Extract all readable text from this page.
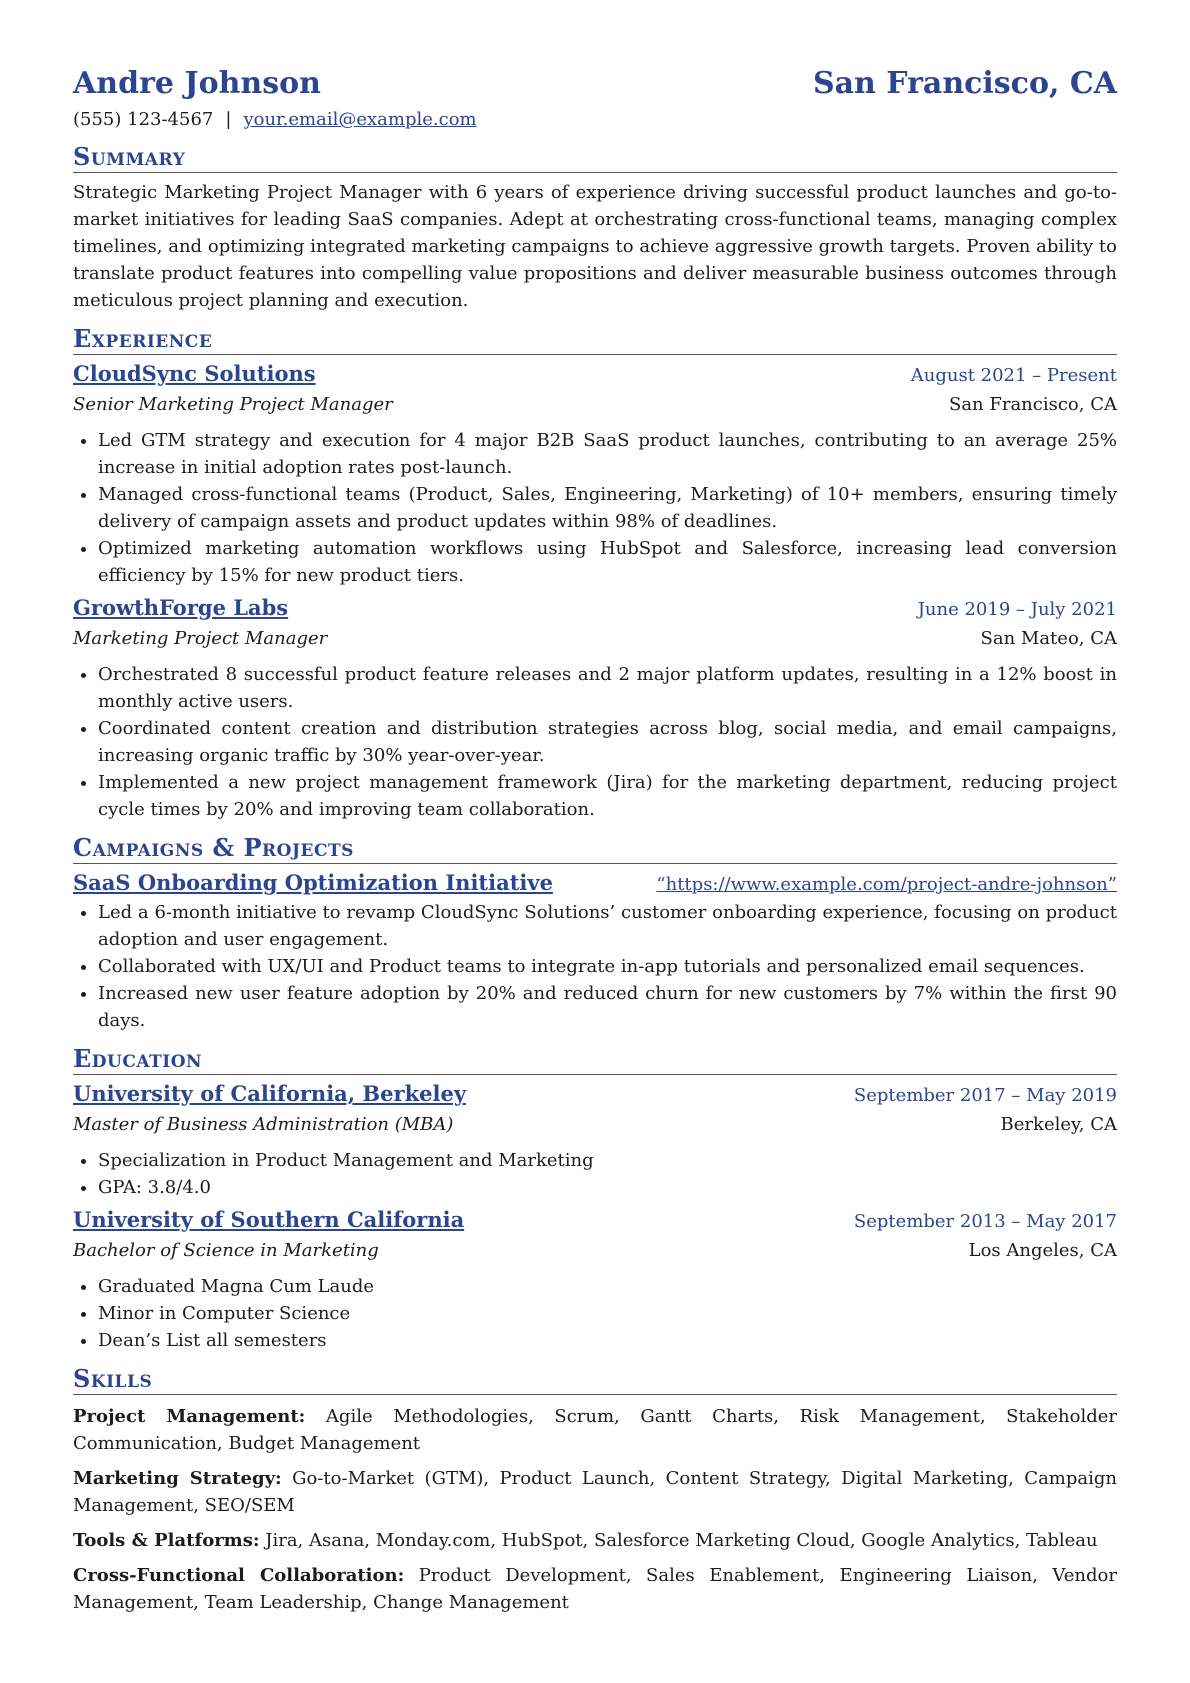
Andre Johnson	San Francisco, CA
(555) 123-4567 | your.email@example.com
Summary
Strategic Marketing Project Manager with 6 years of experience driving successful product launches and go-to-market initiatives for leading SaaS companies. Adept at orchestrating cross-functional teams, managing complex timelines, and optimizing integrated marketing campaigns to achieve aggressive growth targets. Proven ability to translate product features into compelling value propositions and deliver measurable business outcomes through meticulous project planning and execution.
Experience
CloudSync Solutions	August 2021 – Present
Senior Marketing Project Manager	San Francisco, CA
• Led GTM strategy and execution for 4 major B2B SaaS product launches, contributing to an average 25% increase in initial adoption rates post-launch.
• Managed cross-functional teams (Product, Sales, Engineering, Marketing) of 10+ members, ensuring timely delivery of campaign assets and product updates within 98% of deadlines.
• Optimized marketing automation workflows using HubSpot and Salesforce, increasing lead conversion efficiency by 15% for new product tiers.
GrowthForge Labs	June 2019 – July 2021
Marketing Project Manager	San Mateo, CA
• Orchestrated 8 successful product feature releases and 2 major platform updates, resulting in a 12% boost in monthly active users.
• Coordinated content creation and distribution strategies across blog, social media, and email campaigns, increasing organic traffic by 30% year-over-year.
• Implemented a new project management framework (Jira) for the marketing department, reducing project cycle times by 20% and improving team collaboration.
Campaigns & Projects
SaaS Onboarding Optimization Initiative	“https://www.example.com/project-andre-johnson”
• Led a 6-month initiative to revamp CloudSync Solutions’ customer onboarding experience, focusing on product adoption and user engagement.
• Collaborated with UX/UI and Product teams to integrate in-app tutorials and personalized email sequences.
• Increased new user feature adoption by 20% and reduced churn for new customers by 7% within the first 90 days.
Education
University of California, Berkeley	September 2017 – May 2019
Master of Business Administration (MBA)	Berkeley, CA
• Specialization in Product Management and Marketing
• GPA: 3.8/4.0
University of Southern California	September 2013 – May 2017
Bachelor of Science in Marketing	Los Angeles, CA
• Graduated Magna Cum Laude
• Minor in Computer Science
• Dean’s List all semesters
Skills
Project Management: Agile Methodologies, Scrum, Gantt Charts, Risk Management, Stakeholder Communication, Budget Management
Marketing Strategy: Go-to-Market (GTM), Product Launch, Content Strategy, Digital Marketing, Campaign Management, SEO/SEM
Tools & Platforms: Jira, Asana, Monday.com, HubSpot, Salesforce Marketing Cloud, Google Analytics, Tableau
Cross-Functional Collaboration: Product Development, Sales Enablement, Engineering Liaison, Vendor Management, Team Leadership, Change Management
